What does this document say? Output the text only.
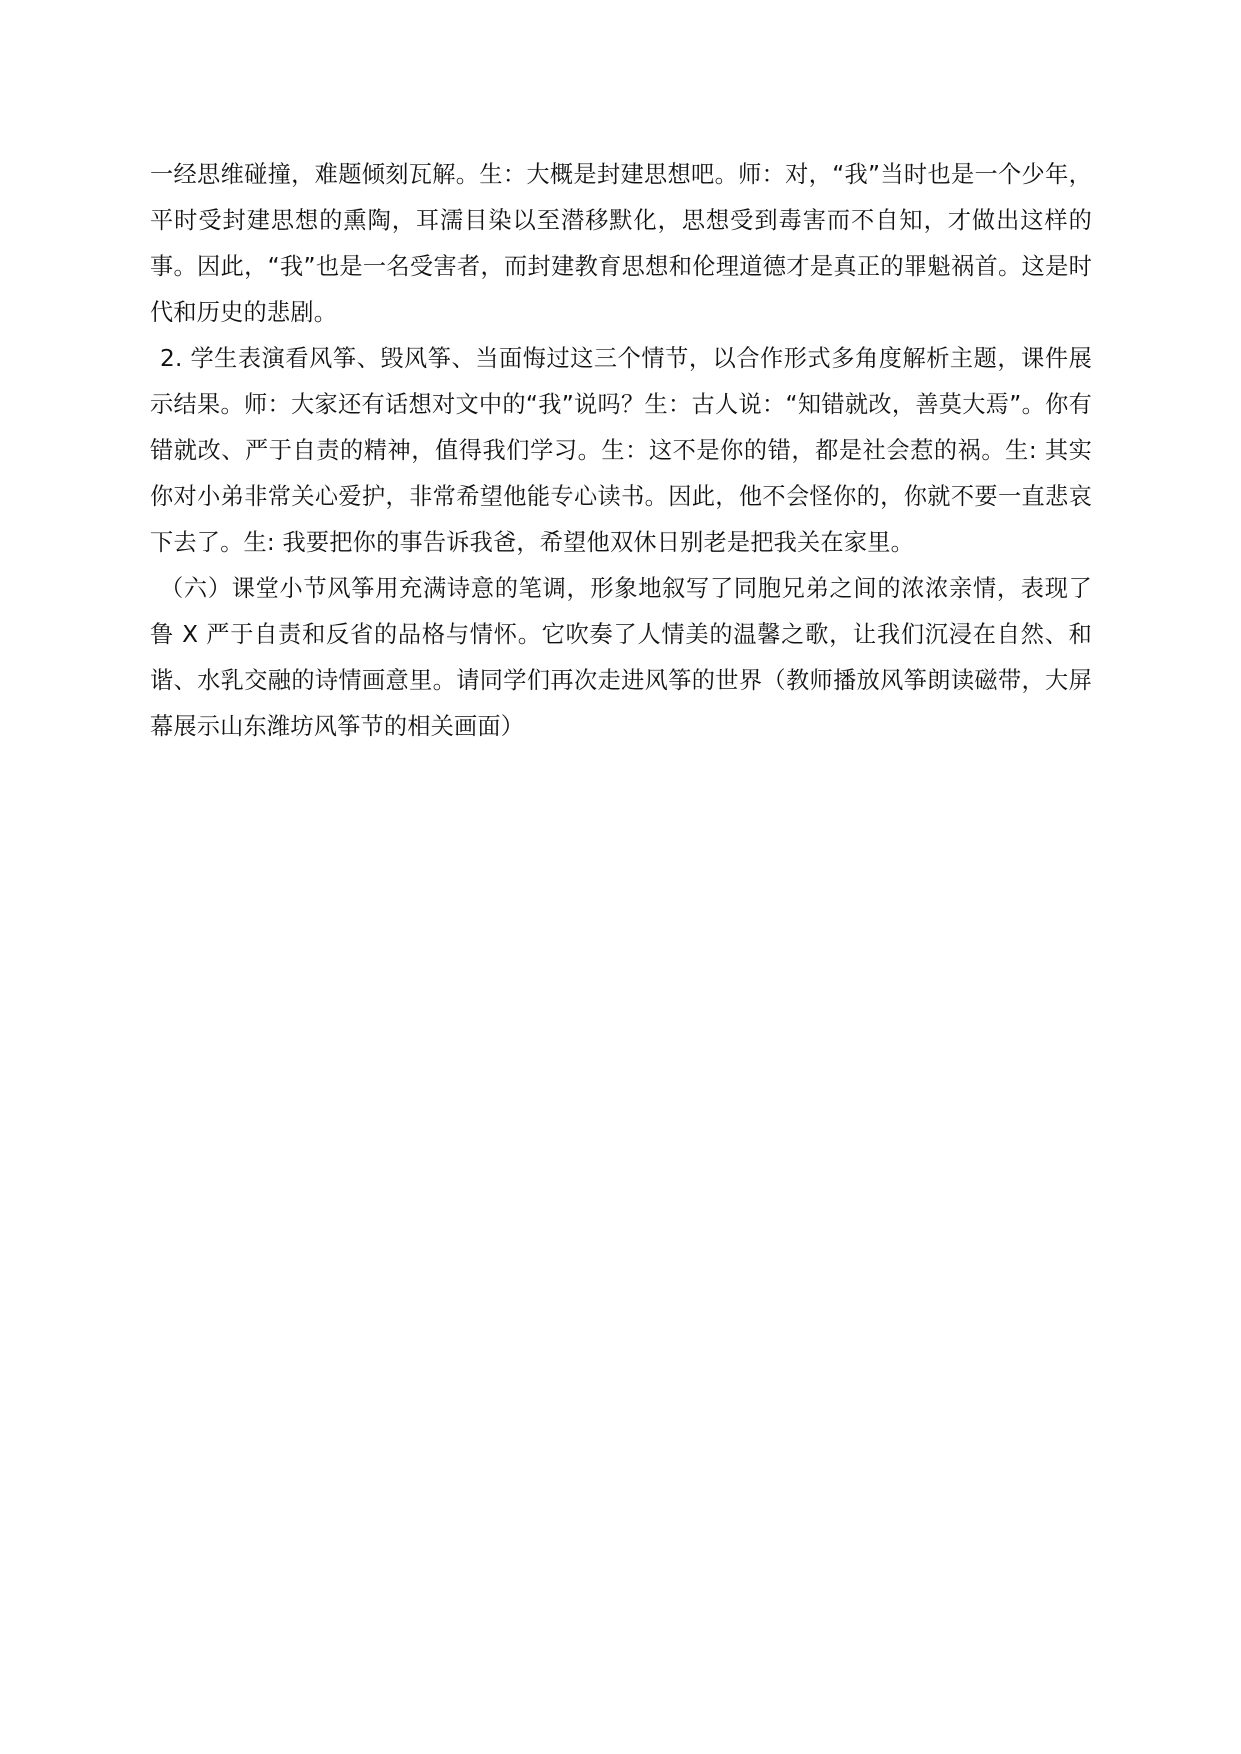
一经思维碰撞，难题倾刻瓦解。生：大概是封建思想吧。师：对，“我”当时也是一个少年，平时受封建思想的熏陶，耳濡目染以至潜移默化，思想受到毒害而不自知，才做出这样的事。因此，“我”也是一名受害者，而封建教育思想和伦理道德才是真正的罪魁祸首。这是时代和历史的悲剧。

2. 学生表演看风筝、毁风筝、当面悔过这三个情节，以合作形式多角度解析主题，课件展示结果。师：大家还有话想对文中的“我”说吗？生：古人说：“知错就改，善莫大焉”。你有错就改、严于自责的精神，值得我们学习。生：这不是你的错，都是社会惹的祸。生: 其实你对小弟非常关心爱护，非常希望他能专心读书。因此，他不会怪你的，你就不要一直悲哀下去了。生: 我要把你的事告诉我爸，希望他双休日别老是把我关在家里。

（六）课堂小节风筝用充满诗意的笔调，形象地叙写了同胞兄弟之间的浓浓亲情，表现了鲁 X 严于自责和反省的品格与情怀。它吹奏了人情美的温馨之歌，让我们沉浸在自然、和谐、水乳交融的诗情画意里。请同学们再次走进风筝的世界（教师播放风筝朗读磁带，大屏幕展示山东潍坊风筝节的相关画面）
